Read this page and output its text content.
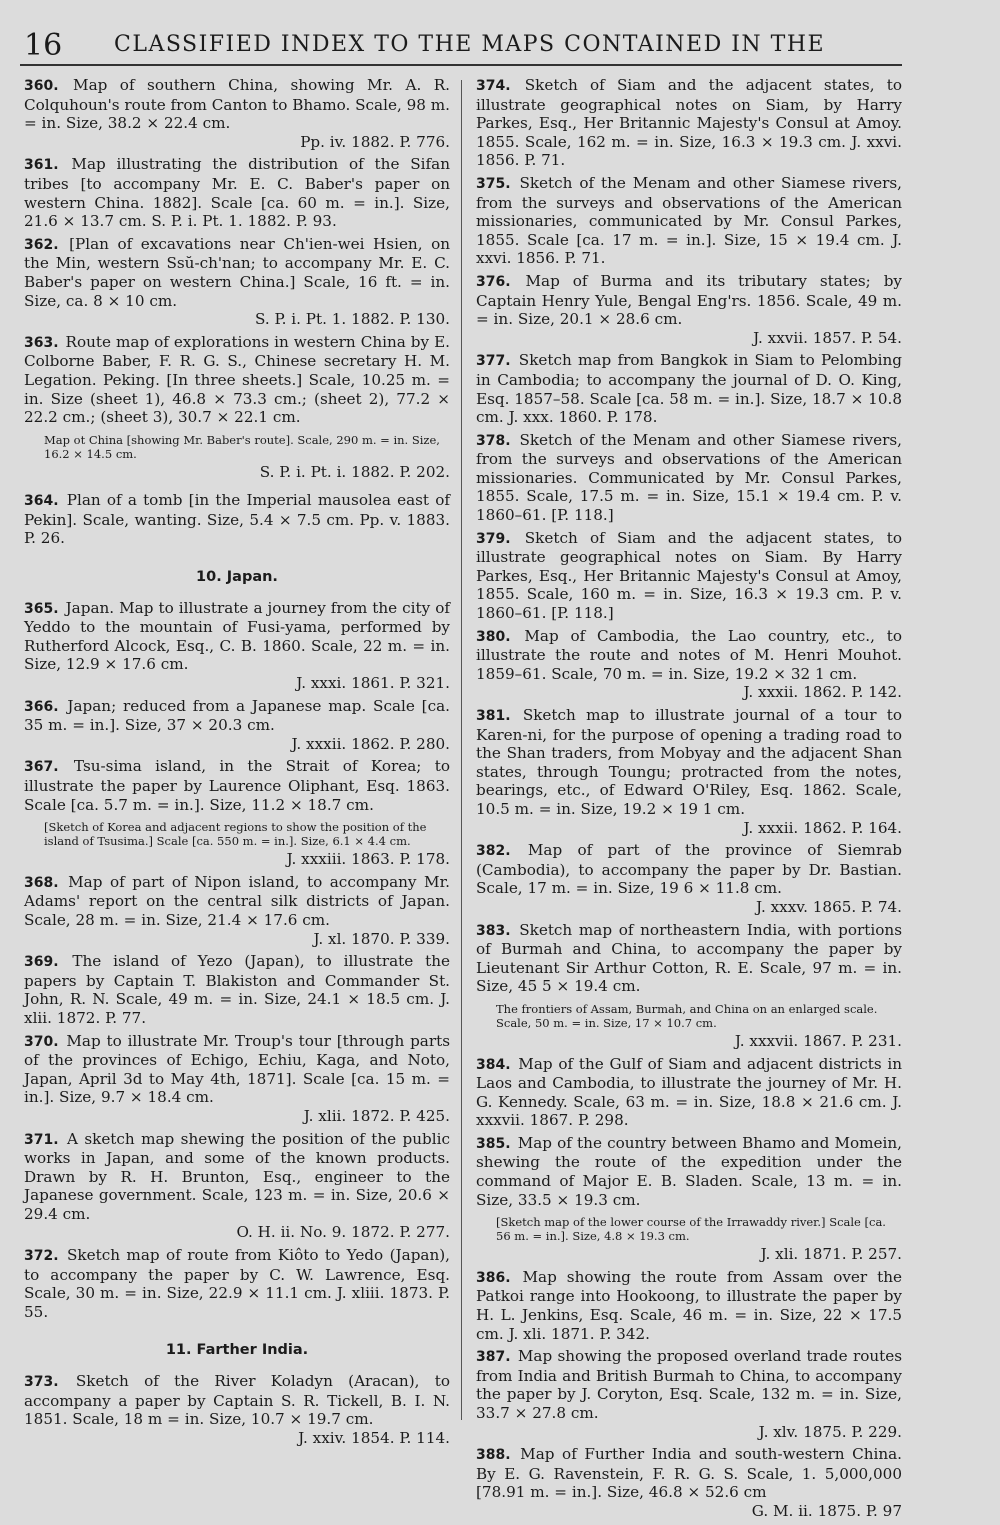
16 CLASSIFIED INDEX TO THE MAPS CONTAINED IN THE
360. Map of southern China, showing Mr. A. R. Colquhoun's route from Canton to Bhamo. Scale, 98 m. = in. Size, 38.2 × 22.4 cm.
Pp. iv. 1882. P. 776.
361. Map illustrating the distribution of the Sifan tribes [to accompany Mr. E. C. Baber's paper on western China. 1882]. Scale [ca. 60 m. = in.]. Size, 21.6 × 13.7 cm. S. P. i. Pt. 1. 1882. P. 93.
362. [Plan of excavations near Ch'ien-wei Hsien, on the Min, western Ssŭ-ch'nan; to accompany Mr. E. C. Baber's paper on western China.] Scale, 16 ft. = in. Size, ca. 8 × 10 cm.
S. P. i. Pt. 1. 1882. P. 130.
363. Route map of explorations in western China by E. Colborne Baber, F. R. G. S., Chinese secretary H. M. Legation. Peking. [In three sheets.] Scale, 10.25 m. = in. Size (sheet 1), 46.8 × 73.3 cm.; (sheet 2), 77.2 × 22.2 cm.; (sheet 3), 30.7 × 22.1 cm.
Map ot China [showing Mr. Baber's route]. Scale, 290 m. = in. Size, 16.2 × 14.5 cm.
S. P. i. Pt. i. 1882. P. 202.
364. Plan of a tomb [in the Imperial mausolea east of Pekin]. Scale, wanting. Size, 5.4 × 7.5 cm. Pp. v. 1883. P. 26.
10. Japan.
365. Japan. Map to illustrate a journey from the city of Yeddo to the mountain of Fusi-yama, performed by Rutherford Alcock, Esq., C. B. 1860. Scale, 22 m. = in. Size, 12.9 × 17.6 cm.
J. xxxi. 1861. P. 321.
366. Japan; reduced from a Japanese map. Scale [ca. 35 m. = in.]. Size, 37 × 20.3 cm.
J. xxxii. 1862. P. 280.
367. Tsu-sima island, in the Strait of Korea; to illustrate the paper by Laurence Oliphant, Esq. 1863. Scale [ca. 5.7 m. = in.]. Size, 11.2 × 18.7 cm.
[Sketch of Korea and adjacent regions to show the position of the island of Tsusima.] Scale [ca. 550 m. = in.]. Size, 6.1 × 4.4 cm.
J. xxxiii. 1863. P. 178.
368. Map of part of Nipon island, to accompany Mr. Adams' report on the central silk districts of Japan. Scale, 28 m. = in. Size, 21.4 × 17.6 cm.
J. xl. 1870. P. 339.
369. The island of Yezo (Japan), to illustrate the papers by Captain T. Blakiston and Commander St. John, R. N. Scale, 49 m. = in. Size, 24.1 × 18.5 cm. J. xlii. 1872. P. 77.
370. Map to illustrate Mr. Troup's tour [through parts of the provinces of Echigo, Echiu, Kaga, and Noto, Japan, April 3d to May 4th, 1871]. Scale [ca. 15 m. = in.]. Size, 9.7 × 18.4 cm.
J. xlii. 1872. P. 425.
371. A sketch map shewing the position of the public works in Japan, and some of the known products. Drawn by R. H. Brunton, Esq., engineer to the Japanese government. Scale, 123 m. = in. Size, 20.6 × 29.4 cm.
O. H. ii. No. 9. 1872. P. 277.
372. Sketch map of route from Kiôto to Yedo (Japan), to accompany the paper by C. W. Lawrence, Esq. Scale, 30 m. = in. Size, 22.9 × 11.1 cm. J. xliii. 1873. P. 55.
11. Farther India.
373. Sketch of the River Koladyn (Aracan), to accompany a paper by Captain S. R. Tickell, B. I. N. 1851. Scale, 18 m = in. Size, 10.7 × 19.7 cm.
J. xxiv. 1854. P. 114.
374. Sketch of Siam and the adjacent states, to illustrate geographical notes on Siam, by Harry Parkes, Esq., Her Britannic Majesty's Consul at Amoy. 1855. Scale, 162 m. = in. Size, 16.3 × 19.3 cm. J. xxvi. 1856. P. 71.
375. Sketch of the Menam and other Siamese rivers, from the surveys and observations of the American missionaries, communicated by Mr. Consul Parkes, 1855. Scale [ca. 17 m. = in.]. Size, 15 × 19.4 cm. J. xxvi. 1856. P. 71.
376. Map of Burma and its tributary states; by Captain Henry Yule, Bengal Eng'rs. 1856. Scale, 49 m. = in. Size, 20.1 × 28.6 cm.
J. xxvii. 1857. P. 54.
377. Sketch map from Bangkok in Siam to Pelombing in Cambodia; to accompany the journal of D. O. King, Esq. 1857–58. Scale [ca. 58 m. = in.]. Size, 18.7 × 10.8 cm. J. xxx. 1860. P. 178.
378. Sketch of the Menam and other Siamese rivers, from the surveys and observations of the American missionaries. Communicated by Mr. Consul Parkes, 1855. Scale, 17.5 m. = in. Size, 15.1 × 19.4 cm. P. v. 1860–61. [P. 118.]
379. Sketch of Siam and the adjacent states, to illustrate geographical notes on Siam. By Harry Parkes, Esq., Her Britannic Majesty's Consul at Amoy, 1855. Scale, 160 m. = in. Size, 16.3 × 19.3 cm. P. v. 1860–61. [P. 118.]
380. Map of Cambodia, the Lao country, etc., to illustrate the route and notes of M. Henri Mouhot. 1859–61. Scale, 70 m. = in. Size, 19.2 × 32 1 cm.
J. xxxii. 1862. P. 142.
381. Sketch map to illustrate journal of a tour to Karen-ni, for the purpose of opening a trading road to the Shan traders, from Mobyay and the adjacent Shan states, through Toungu; protracted from the notes, bearings, etc., of Edward O'Riley, Esq. 1862. Scale, 10.5 m. = in. Size, 19.2 × 19 1 cm.
J. xxxii. 1862. P. 164.
382. Map of part of the province of Siemrab (Cambodia), to accompany the paper by Dr. Bastian. Scale, 17 m. = in. Size, 19 6 × 11.8 cm.
J. xxxv. 1865. P. 74.
383. Sketch map of northeastern India, with portions of Burmah and China, to accompany the paper by Lieutenant Sir Arthur Cotton, R. E. Scale, 97 m. = in. Size, 45 5 × 19.4 cm.
The frontiers of Assam, Burmah, and China on an enlarged scale. Scale, 50 m. = in. Size, 17 × 10.7 cm.
J. xxxvii. 1867. P. 231.
384. Map of the Gulf of Siam and adjacent districts in Laos and Cambodia, to illustrate the journey of Mr. H. G. Kennedy. Scale, 63 m. = in. Size, 18.8 × 21.6 cm. J. xxxvii. 1867. P. 298.
385. Map of the country between Bhamo and Momein, shewing the route of the expedition under the command of Major E. B. Sladen. Scale, 13 m. = in. Size, 33.5 × 19.3 cm.
[Sketch map of the lower course of the Irrawaddy river.] Scale [ca. 56 m. = in.]. Size, 4.8 × 19.3 cm.
J. xli. 1871. P. 257.
386. Map showing the route from Assam over the Patkoi range into Hookoong, to illustrate the paper by H. L. Jenkins, Esq. Scale, 46 m. = in. Size, 22 × 17.5 cm. J. xli. 1871. P. 342.
387. Map showing the proposed overland trade routes from India and British Burmah to China, to accompany the paper by J. Coryton, Esq. Scale, 132 m. = in. Size, 33.7 × 27.8 cm.
J. xlv. 1875. P. 229.
388. Map of Further India and south-western China. By E. G. Ravenstein, F. R. G. S. Scale, 1. 5,000,000 [78.91 m. = in.]. Size, 46.8 × 52.6 cm
G. M. ii. 1875. P. 97
